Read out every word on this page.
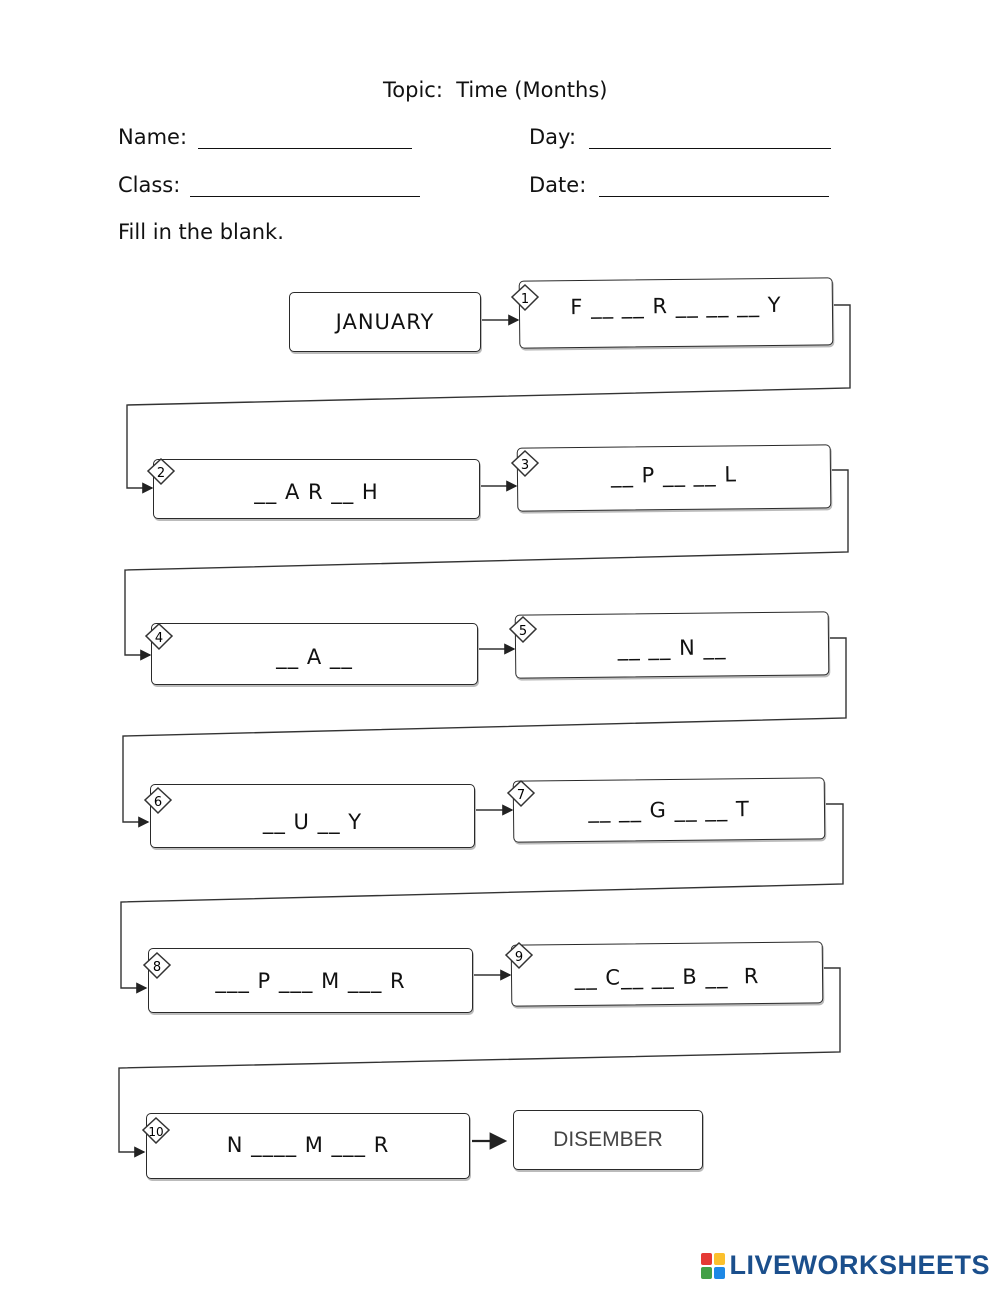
Topic:  Time (Months)
Name:	Day:
Class:	Date:
Fill in the blank.
JANUARY
F __ __ R __ __ __ Y
__ A R __ H
__ P __ __ L
__ A __	__ __ N __
__ U __ Y	__ __ G __ __ T
___ P ___ M ___ R	__ C__ __ B __  R
N ____ M ___ R	DISEMBER
1
2
3
4	5
6	7
8
9
10
LIVEWORKSHEETS
